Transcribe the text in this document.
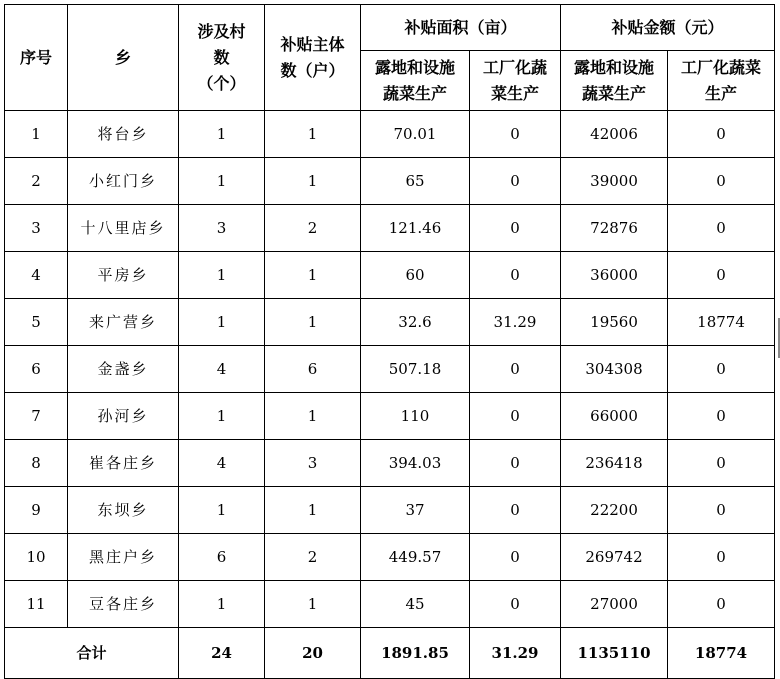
序号	乡	涉及村数（个）	补贴主体数（户）	补贴面积（亩）		补贴金额（元）	
				露地和设施蔬菜生产	工厂化蔬菜生产	露地和设施蔬菜生产	工厂化蔬菜生产
1	将台乡	1	1	70.01	0	42006	0
2	小红门乡	1	1	65	0	39000	0
3	十八里店乡	3	2	121.46	0	72876	0
4	平房乡	1	1	60	0	36000	0
5	来广营乡	1	1	32.6	31.29	19560	18774
6	金盏乡	4	6	507.18	0	304308	0
7	孙河乡	1	1	110	0	66000	0
8	崔各庄乡	4	3	394.03	0	236418	0
9	东坝乡	1	1	37	0	22200	0
10	黑庄户乡	6	2	449.57	0	269742	0
11	豆各庄乡	1	1	45	0	27000	0
合计		24	20	1891.85	31.29	1135110	18774
